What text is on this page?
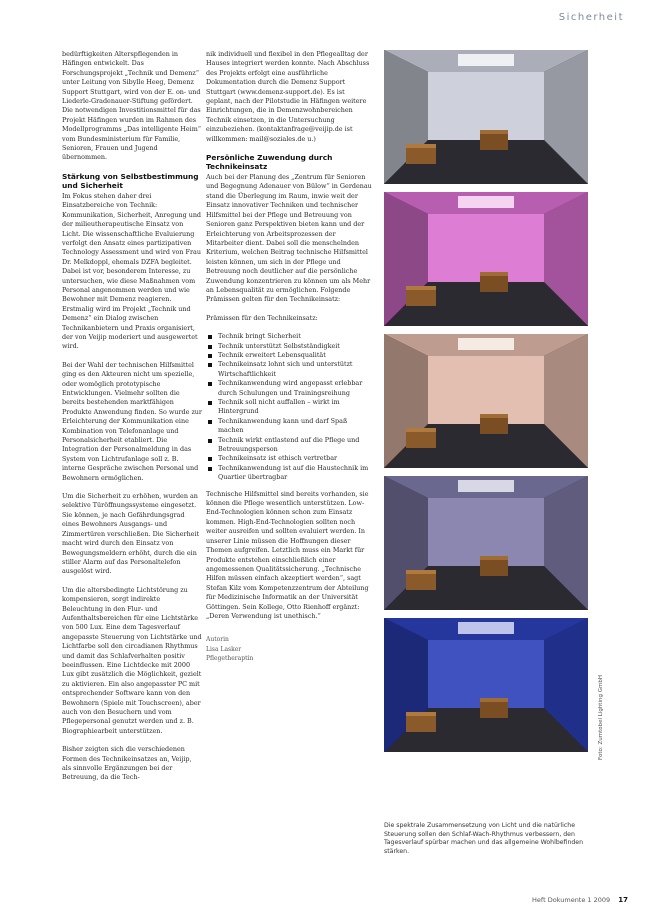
Sicherheit

bedürftigkeiten Alterspflegenden in Häfingen entwickelt. Das Forschungsprojekt „Technik und Demenz“ unter Leitung von Sibylle Heeg, Demenz Support Stuttgart, wird von der E. on- und Liederle-Gradenauer-Stiftung gefördert. Die notwendigen Investitionsmittel für das Projekt Häfingen wurden im Rahmen des Modellprogramms „Das intelligente Heim“ vom Bundesministerium für Familie, Senioren, Frauen und Jugend übernommen.

Stärkung von Selbstbestimmung und Sicherheit

Im Fokus stehen daher drei Einsatzbereiche von Technik: Kommunikation, Sicherheit, Anregung und der milieutherapeutische Einsatz von Licht. Die wissenschaftliche Evaluierung verfolgt den Ansatz eines partizipativen Technology Assessment und wird von Frau Dr. Melkdoppl, ehemals DZFA begleitet. Dabei ist vor, besonderem Interesse, zu untersuchen, wie diese Maßnahmen vom Personal angenommen werden und wie Bewohner mit Demenz reagieren. Erstmalig wird im Projekt „Technik und Demenz“ ein Dialog zwischen Technikanbietern und Praxis organisiert, der von Veijip moderiert und ausgewertet wird.

Bei der Wahl der technischen Hilfsmittel ging es den Akteuren nicht um spezielle, oder womöglich prototypische Entwicklungen. Vielmehr sollten die bereits bestehenden marktfähigen Produkte Anwendung finden. So wurde zur Erleichterung der Kommunikation eine Kombination von Telefonanlage und Personalsicherheit etabliert. Die Integration der Personalmeldung in das System von Lichtrufanlage soll z. B. interne Gespräche zwischen Personal und Bewohnern ermöglichen.

Um die Sicherheit zu erhöhen, wurden an selektive Türöffnungssysteme eingesetzt. Sie können, je nach Gefährdungsgrad eines Bewohners Ausgangs- und Zimmertüren verschließen. Die Sicherheit macht wird durch den Einsatz von Bewegungsmeldern erhöht, durch die ein stiller Alarm auf das Personaltelefon ausgelöst wird.

Um die altersbedingte Lichtstörung zu kompensieren, sorgt indirekte Beleuchtung in den Flur- und Aufenthaltsbereichen für eine Lichtstärke von 500 Lux. Eine dem Tagesverlauf angepasste Steuerung von Lichtstärke und Lichtfarbe soll den circadianen Rhythmus und damit das Schlafverhalten positiv beeinflussen. Eine Lichtdecke mit 2000 Lux gibt zusätzlich die Möglichkeit, gezielt zu aktivieren. Ein also angepasster PC mit entsprechender Software kann von den Bewohnern (Spiele mit Touchscreen), aber auch von den Besuchern und vom Pflegepersonal genutzt werden und z. B. Biographiearbeit unterstützen.

Bisher zeigten sich die verschiedenen Formen des Technikeinsatzes an, Veijip, als sinnvolle Ergänzungen bei der Betreuung, da die Tech-

nik individuell und flexibel in den Pflegealltag der Hauses integriert werden konnte. Nach Abschluss des Projekts erfolgt eine ausführliche Dokumentation durch die Demenz Support Stuttgart (www.demenz-support.de). Es ist geplant, nach der Pilotstudie in Häfingen weitere Einrichtungen, die in Demenzwohnbereichen Technik einsetzen, in die Untersuchung einzubeziehen. (kontaktanfrage@veijip.de ist willkommen: mail@soziales.de u.)

Persönliche Zuwendung durch Technikeinsatz

Auch bei der Planung des „Zentrum für Senioren und Begegnung Adenauer von Bülow“ in Gerdenau stand die Überlegung im Raum, inwie weit der Einsatz innovativer Techniken und technischer Hilfsmittel bei der Pflege und Betreuung von Senioren ganz Perspektiven bieten kann und der Erleichterung von Arbeitsprozessen der Mitarbeiter dient. Dabei soll die menschelnden Kriterium, welchen Beitrag technische Hilfsmittel leisten können, um sich in der Pflege und Betreuung noch deutlicher auf die persönliche Zuwendung konzentrieren zu können um als Mehr an Lebensqualität zu ermöglichen. Folgende Prämissen gelten für den Technikeinsatz:

Prämissen für den Technikeinsatz:

Technik bringt Sicherheit
Technik unterstützt Selbstständigkeit
Technik erweitert Lebensqualität
Technikeinsatz lohnt sich und unterstützt Wirtschaftlichkeit
Technikanwendung wird angepasst erlebbar durch Schulungen und Trainingsreihung
Technik soll nicht auffallen – wirkt im Hintergrund
Technikanwendung kann und darf Spaß machen
Technik wirkt entlastend auf die Pflege und Betreuungsperson
Technikeinsatz ist ethisch vertretbar
Technikanwendung ist auf die Haustechnik im Quartier übertragbar

Technische Hilfsmittel sind bereits vorhanden, sie können die Pflege wesentlich unterstützen. Low-End-Technologien können schon zum Einsatz kommen. High-End-Technologien sollten noch weiter ausreifen und sollten evaluiert werden. In unserer Linie müssen die Hoffnungen dieser Themen aufgreifen. Letztlich muss ein Markt für Produkte entstehen einschließlich einer angemessenen Qualitätssicherung. „Technische Hilfen müssen einfach akzeptiert werden“, sagt Stefan Kilz vom Kompetenzzentrum der Abteilung für Medizinische Informatik an der Universität Göttingen. Sein Kollege, Otto Rienhoff ergänzt: „Deren Verwendung ist unethisch.“

Autorin
Lisa Lasker
Pflegetheraptin
Foto: Zumtobel Lighting GmbH
Die spektrale Zusammensetzung von Licht und die natürliche Steuerung sollen den Schlaf-Wach-Rhythmus verbessern, den Tagesverlauf spürbar machen und das allgemeine Wohlbefinden stärken.
Heft Dokumente 1 2009 17
